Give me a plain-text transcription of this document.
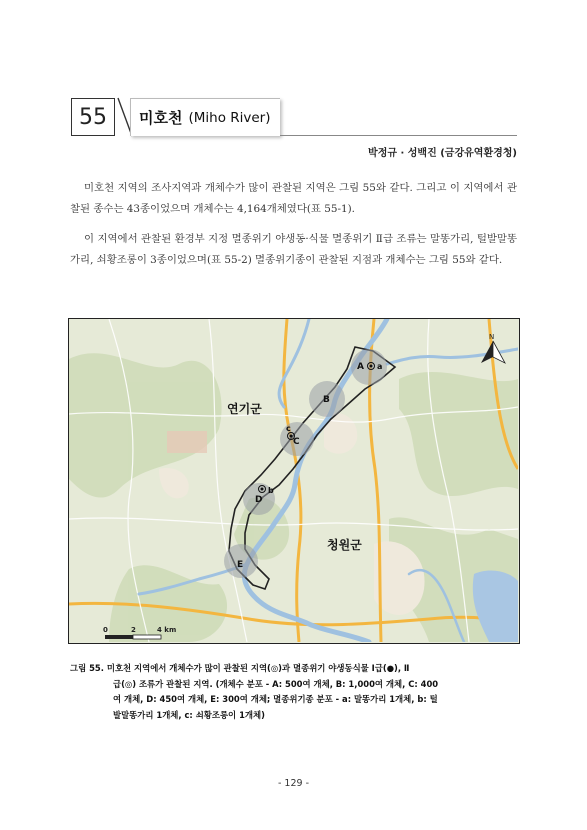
55	미호천 (Miho River)
박정규 · 성백진 (금강유역환경청)
미호천 지역의 조사지역과 개체수가 많이 관찰된 지역은 그림 55와 같다. 그리고 이 지역에서 관찰된 종수는 43종이었으며 개체수는 4,164개체였다(표 55-1).
이 지역에서 관찰된 환경부 지정 멸종위기 야생동·식물 멸종위기 Ⅱ급 조류는 말똥가리, 털발말똥가리, 쇠황조롱이 3종이었으며(표 55-2) 멸종위기종이 관찰된 지점과 개체수는 그림 55와 같다.
A
B
C
D
E
a
b
c
연기군
청원군
N
0	2	4 km
그림 55. 미호천 지역에서 개체수가 많이 관찰된 지역(◎)과 멸종위기 야생동식물 Ⅰ급(●), Ⅱ
급(◎) 조류가 관찰된 지역. (개체수 분포 - A: 500여 개체, B: 1,000여 개체, C: 400
여 개체, D: 450여 개체, E: 300여 개체; 멸종위기종 분포 - a: 말똥가리 1개체, b: 털
발말똥가리 1개체, c: 쇠황조롱이 1개체)
- 129 -
